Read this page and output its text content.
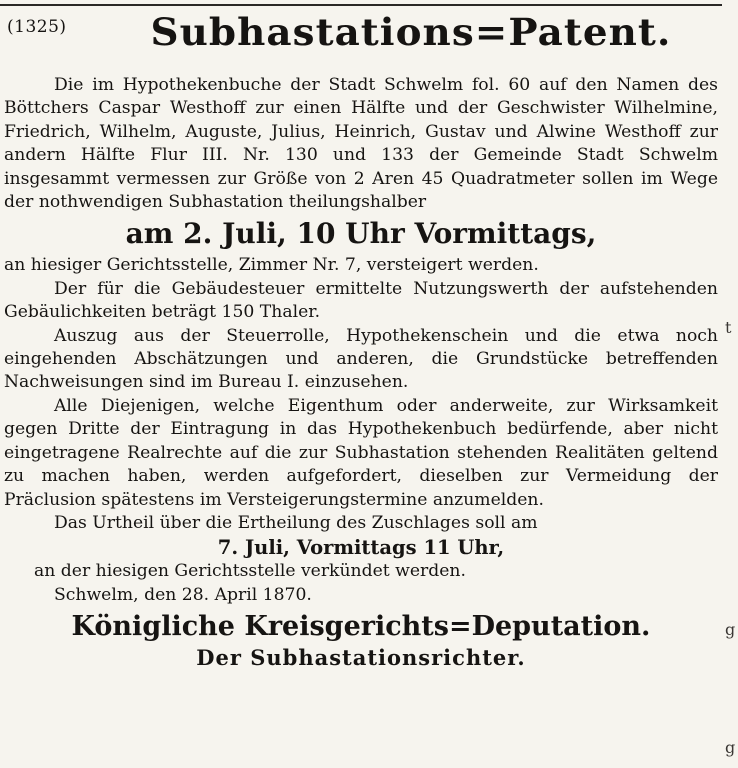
(1325)	Subhastations=Patent.

Die im Hypothekenbuche der Stadt Schwelm fol. 60 auf den Namen des Böttchers Caspar Westhoff zur einen Hälfte und der Geschwister Wilhelmine, Friedrich, Wilhelm, Auguste, Julius, Heinrich, Gustav und Alwine Westhoff zur andern Hälfte Flur III. Nr. 130 und 133 der Gemeinde Stadt Schwelm insgesammt vermessen zur Größe von 2 Aren 45 Quadratmeter sollen im Wege der nothwendigen Subhastation theilungshalber

am 2. Juli, 10 Uhr Vormittags,

an hiesiger Gerichtsstelle, Zimmer Nr. 7, versteigert werden.

Der für die Gebäudesteuer ermittelte Nutzungswerth der aufstehenden Gebäulichkeiten beträgt 150 Thaler.

Auszug aus der Steuerrolle, Hypothekenschein und die etwa noch eingehenden Abschätzungen und anderen, die Grundstücke betreffenden Nachweisungen sind im Bureau I. einzusehen.

Alle Diejenigen, welche Eigenthum oder anderweite, zur Wirksamkeit gegen Dritte der Eintragung in das Hypothekenbuch bedürfende, aber nicht eingetragene Realrechte auf die zur Subhastation stehenden Realitäten geltend zu machen haben, werden aufgefordert, dieselben zur Vermeidung der Präclusion spätestens im Versteigerungstermine anzumelden.

Das Urtheil über die Ertheilung des Zuschlages soll am

7. Juli, Vormittags 11 Uhr,

an der hiesigen Gerichtsstelle verkündet werden.

Schwelm, den 28. April 1870.

Königliche Kreisgerichts=Deputation.

Der Subhastationsrichter.

t
g
g
